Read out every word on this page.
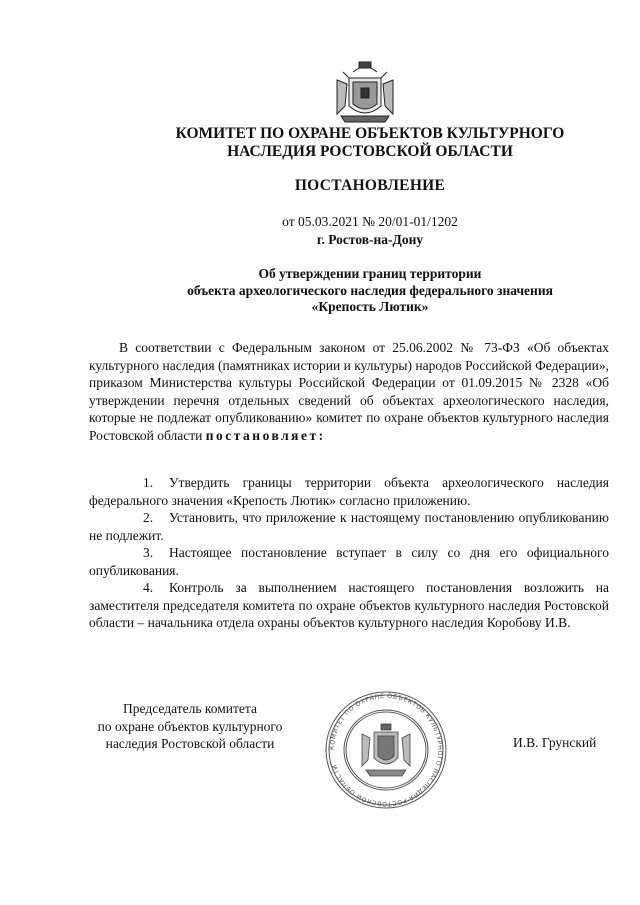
КОМИТЕТ ПО ОХРАНЕ ОБЪЕКТОВ КУЛЬТУРНОГО
НАСЛЕДИЯ РОСТОВСКОЙ ОБЛАСТИ
ПОСТАНОВЛЕНИЕ
от 05.03.2021 № 20/01-01/1202
г. Ростов-на-Дону
Об утверждении границ территории
объекта археологического наследия федерального значения
«Крепость Лютик»

В соответствии с Федеральным законом от 25.06.2002 № 73-ФЗ «Об объектах культурного наследия (памятниках истории и культуры) народов Российской Федерации», приказом Министерства культуры Российской Федерации от 01.09.2015 № 2328 «Об утверждении перечня отдельных сведений об объектах археологического наследия, которые не подлежат опубликованию» комитет по охране объектов культурного наследия Ростовской области постановляет:

1. Утвердить границы территории объекта археологического наследия федерального значения «Крепость Лютик» согласно приложению.

2. Установить, что приложение к настоящему постановлению опубликованию не подлежит.

3. Настоящее постановление вступает в силу со дня его официального опубликования.

4. Контроль за выполнением настоящего постановления возложить на заместителя председателя комитета по охране объектов культурного наследия Ростовской области – начальника отдела охраны объектов культурного наследия Коробову И.В.

Председатель комитета
по охране объектов культурного
наследия Ростовской области	КОМИТЕТ ПО ОХРАНЕ ОБЪЕКТОВ КУЛЬТУРНОГО НАСЛЕДИЯ РОСТОВСКОЙ ОБЛАСТИ
И.В. Грунский
